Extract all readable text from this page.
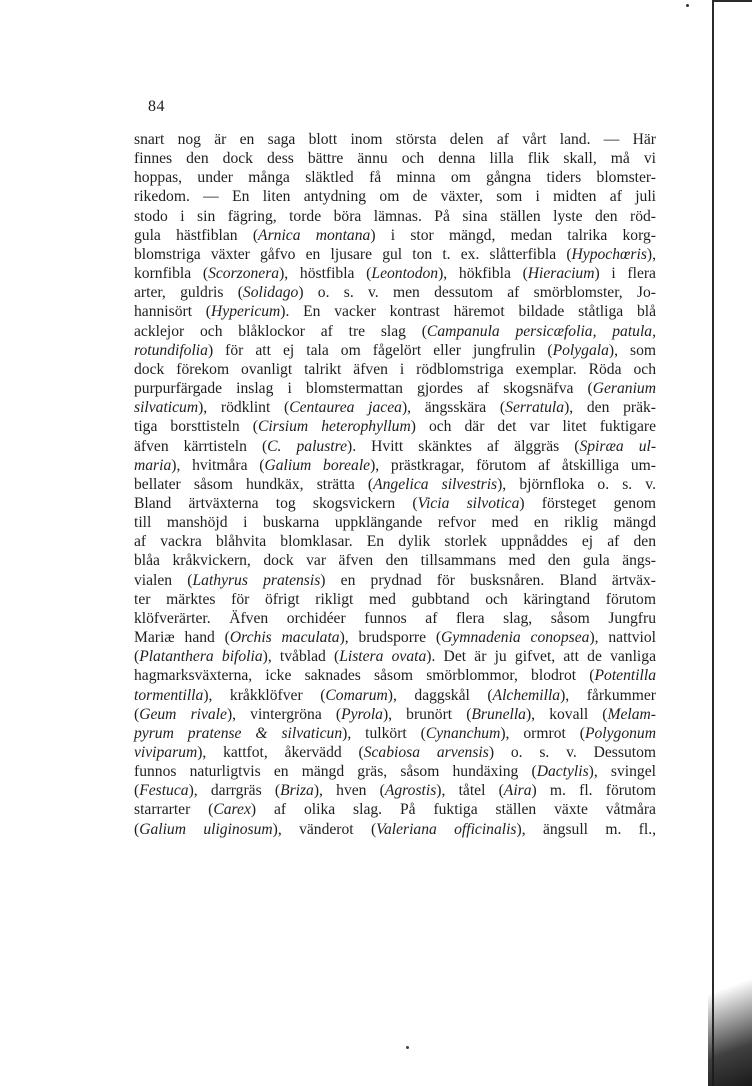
84
snart nog är en saga blott inom största delen af vårt land. — Här
finnes den dock dess bättre ännu och denna lilla flik skall, må vi
hoppas, under många släktled få minna om gångna tiders blomster-
rikedom. — En liten antydning om de växter, som i midten af juli
stodo i sin fägring, torde böra lämnas. På sina ställen lyste den röd-
gula hästfiblan (Arnica montana) i stor mängd, medan talrika korg-
blomstriga växter gåfvo en ljusare gul ton t. ex. slåtterfibla (Hypochœris),
kornfibla (Scorzonera), höstfibla (Leontodon), hökfibla (Hieracium) i flera
arter, guldris (Solidago) o. s. v. men dessutom af smörblomster, Jo-
hannisört (Hypericum). En vacker kontrast häremot bildade ståtliga blå
acklejor och blåklockor af tre slag (Campanula persicæfolia, patula,
rotundifolia) för att ej tala om fågelört eller jungfrulin (Polygala), som
dock förekom ovanligt talrikt äfven i rödblomstriga exemplar. Röda och
purpurfärgade inslag i blomstermattan gjordes af skogsnäfva (Geranium
silvaticum), rödklint (Centaurea jacea), ängsskära (Serratula), den präk-
tiga borsttisteln (Cirsium heterophyllum) och där det var litet fuktigare
äfven kärrtisteln (C. palustre). Hvitt skänktes af älggräs (Spiræa ul-
maria), hvitmåra (Galium boreale), prästkragar, förutom af åtskilliga um-
bellater såsom hundkäx, strätta (Angelica silvestris), björnfloka o. s. v.
Bland ärtväxterna tog skogsvickern (Vicia silvotica) försteget genom
till manshöjd i buskarna uppklängande refvor med en riklig mängd
af vackra blåhvita blomklasar. En dylik storlek uppnåddes ej af den
blåa kråkvickern, dock var äfven den tillsammans med den gula ängs-
vialen (Lathyrus pratensis) en prydnad för busksnåren. Bland ärtväx-
ter märktes för öfrigt rikligt med gubbtand och käringtand förutom
klöfverärter. Äfven orchidéer funnos af flera slag, såsom Jungfru
Mariæ hand (Orchis maculata), brudsporre (Gymnadenia conopsea), nattviol
(Platanthera bifolia), tvåblad (Listera ovata). Det är ju gifvet, att de vanliga
hagmarksväxterna, icke saknades såsom smörblommor, blodrot (Potentilla
tormentilla), kråkklöfver (Comarum), daggskål (Alchemilla), fårkummer
(Geum rivale), vintergröna (Pyrola), brunört (Brunella), kovall (Melam-
pyrum pratense & silvaticun), tulkört (Cynanchum), ormrot (Polygonum
viviparum), kattfot, åkervädd (Scabiosa arvensis) o. s. v. Dessutom
funnos naturligtvis en mängd gräs, såsom hundäxing (Dactylis), svingel
(Festuca), darrgräs (Briza), hven (Agrostis), tåtel (Aira) m. fl. förutom
starrarter (Carex) af olika slag. På fuktiga ställen växte våtmåra
(Galium uliginosum), vänderot (Valeriana officinalis), ängsull m. fl.,
